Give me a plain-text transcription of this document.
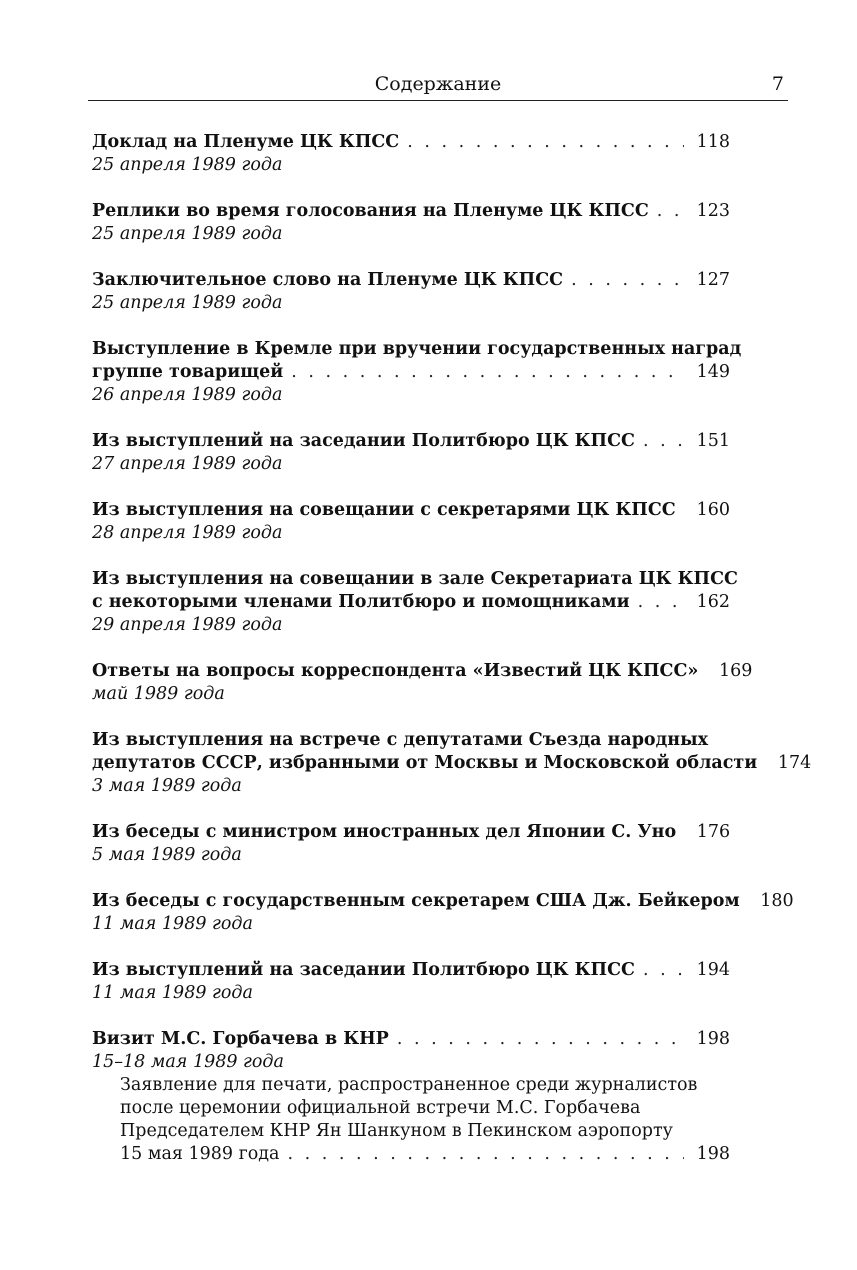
Содержание	7
Доклад на Пленуме ЦК КПСС . . .	118
25 апреля 1989 года
Реплики во время голосования на Пленуме ЦК КПСС . . .	123
25 апреля 1989 года
Заключительное слово на Пленуме ЦК КПСС . . .	127
25 апреля 1989 года
Выступление в Кремле при вручении государственных наград
группе товарищей . . .	149
26 апреля 1989 года
Из выступлений на заседании Политбюро ЦК КПСС . . .	151
27 апреля 1989 года
Из выступления на совещании с секретарями ЦК КПСС . . . 160
28 апреля 1989 года
Из выступления на совещании в зале Секретариата ЦК КПСС
с некоторыми членами Политбюро и помощниками . . .	162
29 апреля 1989 года
Ответы на вопросы корреспондента «Известий ЦК КПСС» 169
май 1989 года
Из выступления на встрече с депутатами Съезда народных
депутатов СССР, избранными от Москвы и Московской области 174
3 мая 1989 года
Из беседы с министром иностранных дел Японии С. Уно 176
5 мая 1989 года
Из беседы с государственным секретарем США Дж. Бейкером 180
11 мая 1989 года
Из выступлений на заседании Политбюро ЦК КПСС . . .	194
11 мая 1989 года
Визит М.С. Горбачева в КНР . . .	198
15–18 мая 1989 года
Заявление для печати, распространенное среди журналистов
после церемонии официальной встречи М.С. Горбачева
Председателем КНР Ян Шанкуном в Пекинском аэропорту
15 мая 1989 года . . .	198
